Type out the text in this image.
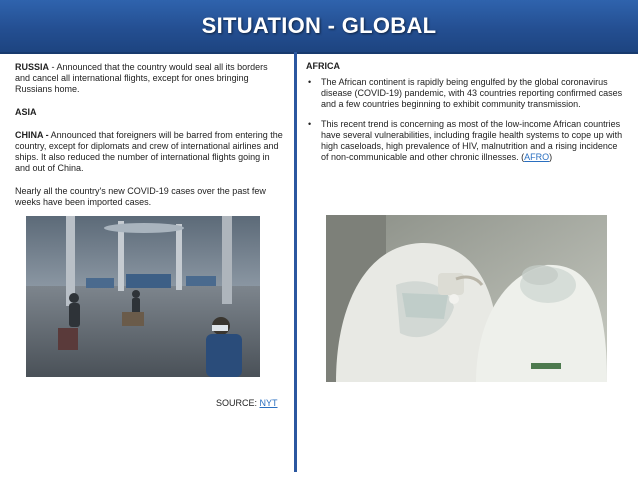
SITUATION - GLOBAL

RUSSIA - Announced that the country would seal all its borders and cancel all international flights, except for ones bringing Russians home.

ASIA

CHINA - Announced that foreigners will be barred from entering the country, except for diplomats and crew of international airlines and ships. It also reduced the number of international flights going in and out of China.

Nearly all the country's new COVID-19 cases over the past few weeks have been imported cases.

SOURCE: NYT

AFRICA

• The African continent is rapidly being engulfed by the global coronavirus disease (COVID-19) pandemic, with 43 countries reporting confirmed cases and a few countries beginning to exhibit community transmission.
• This recent trend is concerning as most of the low-income African countries have several vulnerabilities, including fragile health systems to cope up with high caseloads, high prevalence of HIV, malnutrition and a rising incidence of non-communicable and other chronic illnesses. (AFRO)
